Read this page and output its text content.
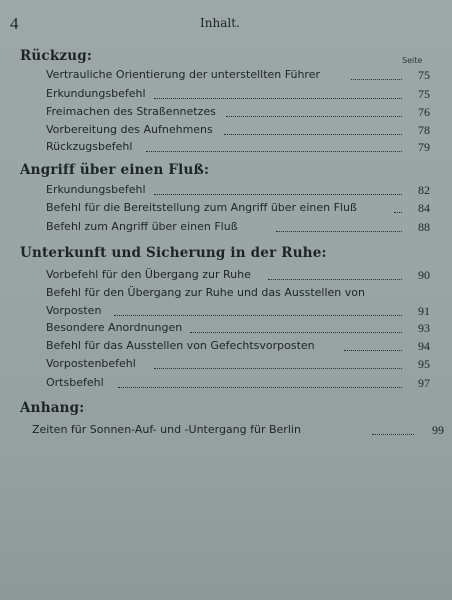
4	Inhalt.
Seite
Rückzug:
Vertrauliche Orientierung der unterstellten Führer	75
Erkundungsbefehl	75
Freimachen des Straßennetzes	76
Vorbereitung des Aufnehmens	78
Rückzugsbefehl	79
Angriff über einen Fluß:
Erkundungsbefehl	82
Befehl für die Bereitstellung zum Angriff über einen Fluß	84
Befehl zum Angriff über einen Fluß	88
Unterkunft und Sicherung in der Ruhe:
Vorbefehl für den Übergang zur Ruhe	90
Befehl für den Übergang zur Ruhe und das Ausstellen von
Vorposten	91
Besondere Anordnungen	93
Befehl für das Ausstellen von Gefechtsvorposten	94
Vorpostenbefehl	95
Ortsbefehl	97
Anhang:
Zeiten für Sonnen-Auf- und -Untergang für Berlin	99
